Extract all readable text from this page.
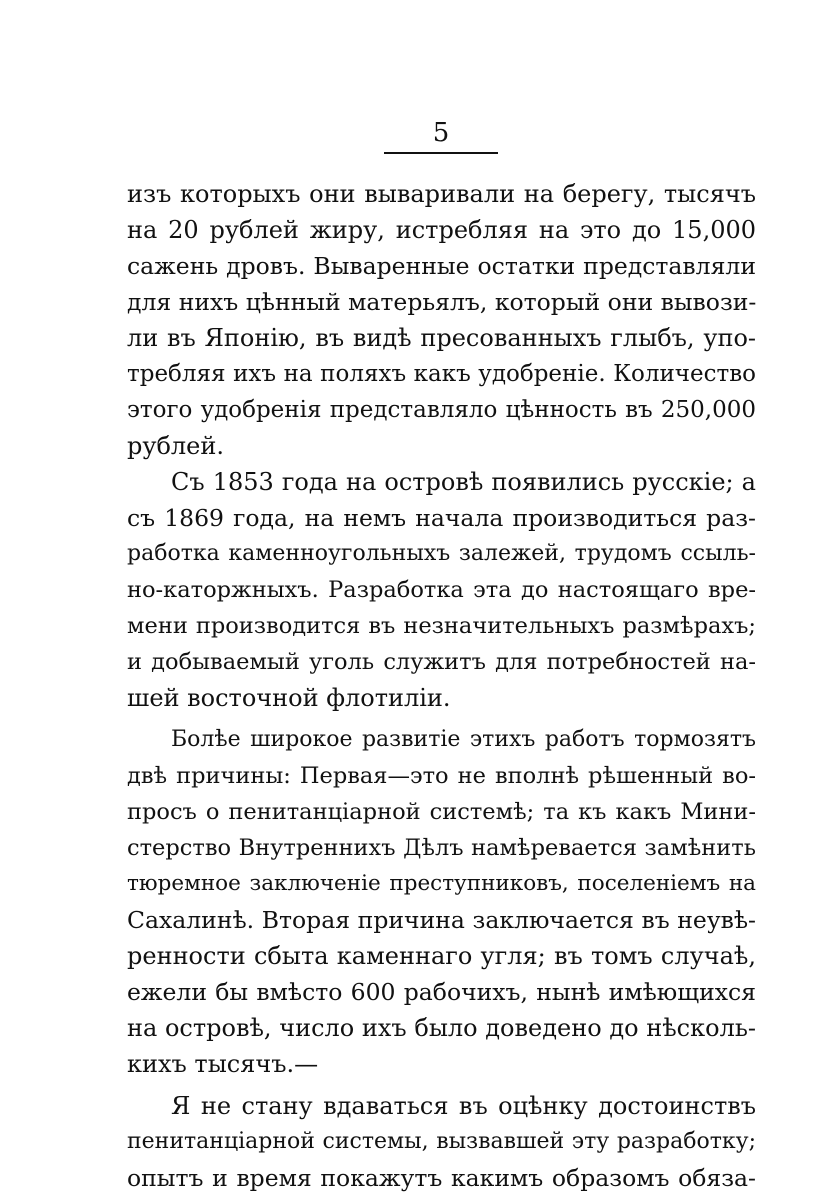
5
изъ которыхъ они вываривали на берегу, тысячъ
на 20 рублей жиру, истребляя на это до 15,000
сажень дровъ. Вываренные остатки представляли
для нихъ цѣнный матерьялъ, который они вывози-
ли въ Японію, въ видѣ пресованныхъ глыбъ, упо-
требляя ихъ на поляхъ какъ удобреніе. Количество
этого удобренія представляло цѣнность въ 250,000
рублей.
Съ 1853 года на островѣ появились русскіе; а
съ 1869 года, на немъ начала производиться раз-
работка каменноугольныхъ залежей, трудомъ ссыль-
но-каторжныхъ. Разработка эта до настоящаго вре-
мени производится въ незначительныхъ размѣрахъ;
и добываемый уголь служитъ для потребностей на-
шей восточной флотиліи.
Болѣе широкое развитіе этихъ работъ тормозятъ
двѣ причины: Первая—это не вполнѣ рѣшенный во-
просъ о пенитанціарной системѣ; та къ какъ Мини-
стерство Внутреннихъ Дѣлъ намѣревается замѣнить
тюремное заключеніе преступниковъ, поселеніемъ на
Сахалинѣ. Вторая причина заключается въ неувѣ-
ренности сбыта каменнаго угля; въ томъ случаѣ,
ежели бы вмѣсто 600 рабочихъ, нынѣ имѣющихся
на островѣ, число ихъ было доведено до нѣсколь-
кихъ тысячъ.—
Я не стану вдаваться въ оцѣнку достоинствъ
пенитанціарной системы, вызвавшей эту разработку;
опытъ и время покажутъ какимъ образомъ обяза-
